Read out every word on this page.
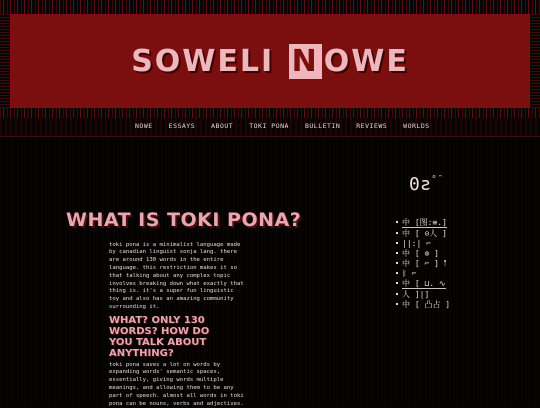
SOWELI N OWE
NOWE ESSAYS ABOUT TOKI PONA BULLETIN REVIEWS WORLDS
WHAT IS TOKI PONA?

toki pona is a minimalist language made by canadian linguist sonja lang. there are around 130 words in the entire language. this restriction makes it so that talking about any complex topic involves breaking down what exactly that thing is. it's a super fun linguistic toy and also has an amazing community surrounding it.

WHAT? ONLY 130 WORDS? HOW DO YOU TALK ABOUT ANYTHING?

toki pona saves a lot on words by expanding words' semantic spaces, essentially, giving words multiple meanings, and allowing them to be any part of speech. almost all words in toki pona can be nouns, verbs and adjectives.

0ꙅ$^{ᵒᵔ}$
中 [图:≡.]
中 [ ⊙人 ]
||:| ⌐
中 [ ⊚ ]
中 [ ⌐ ] 𖡡
ᛒ ⌐
中 [ ⊔. ∿
人 ]|]
中 [ 凸占 ]
